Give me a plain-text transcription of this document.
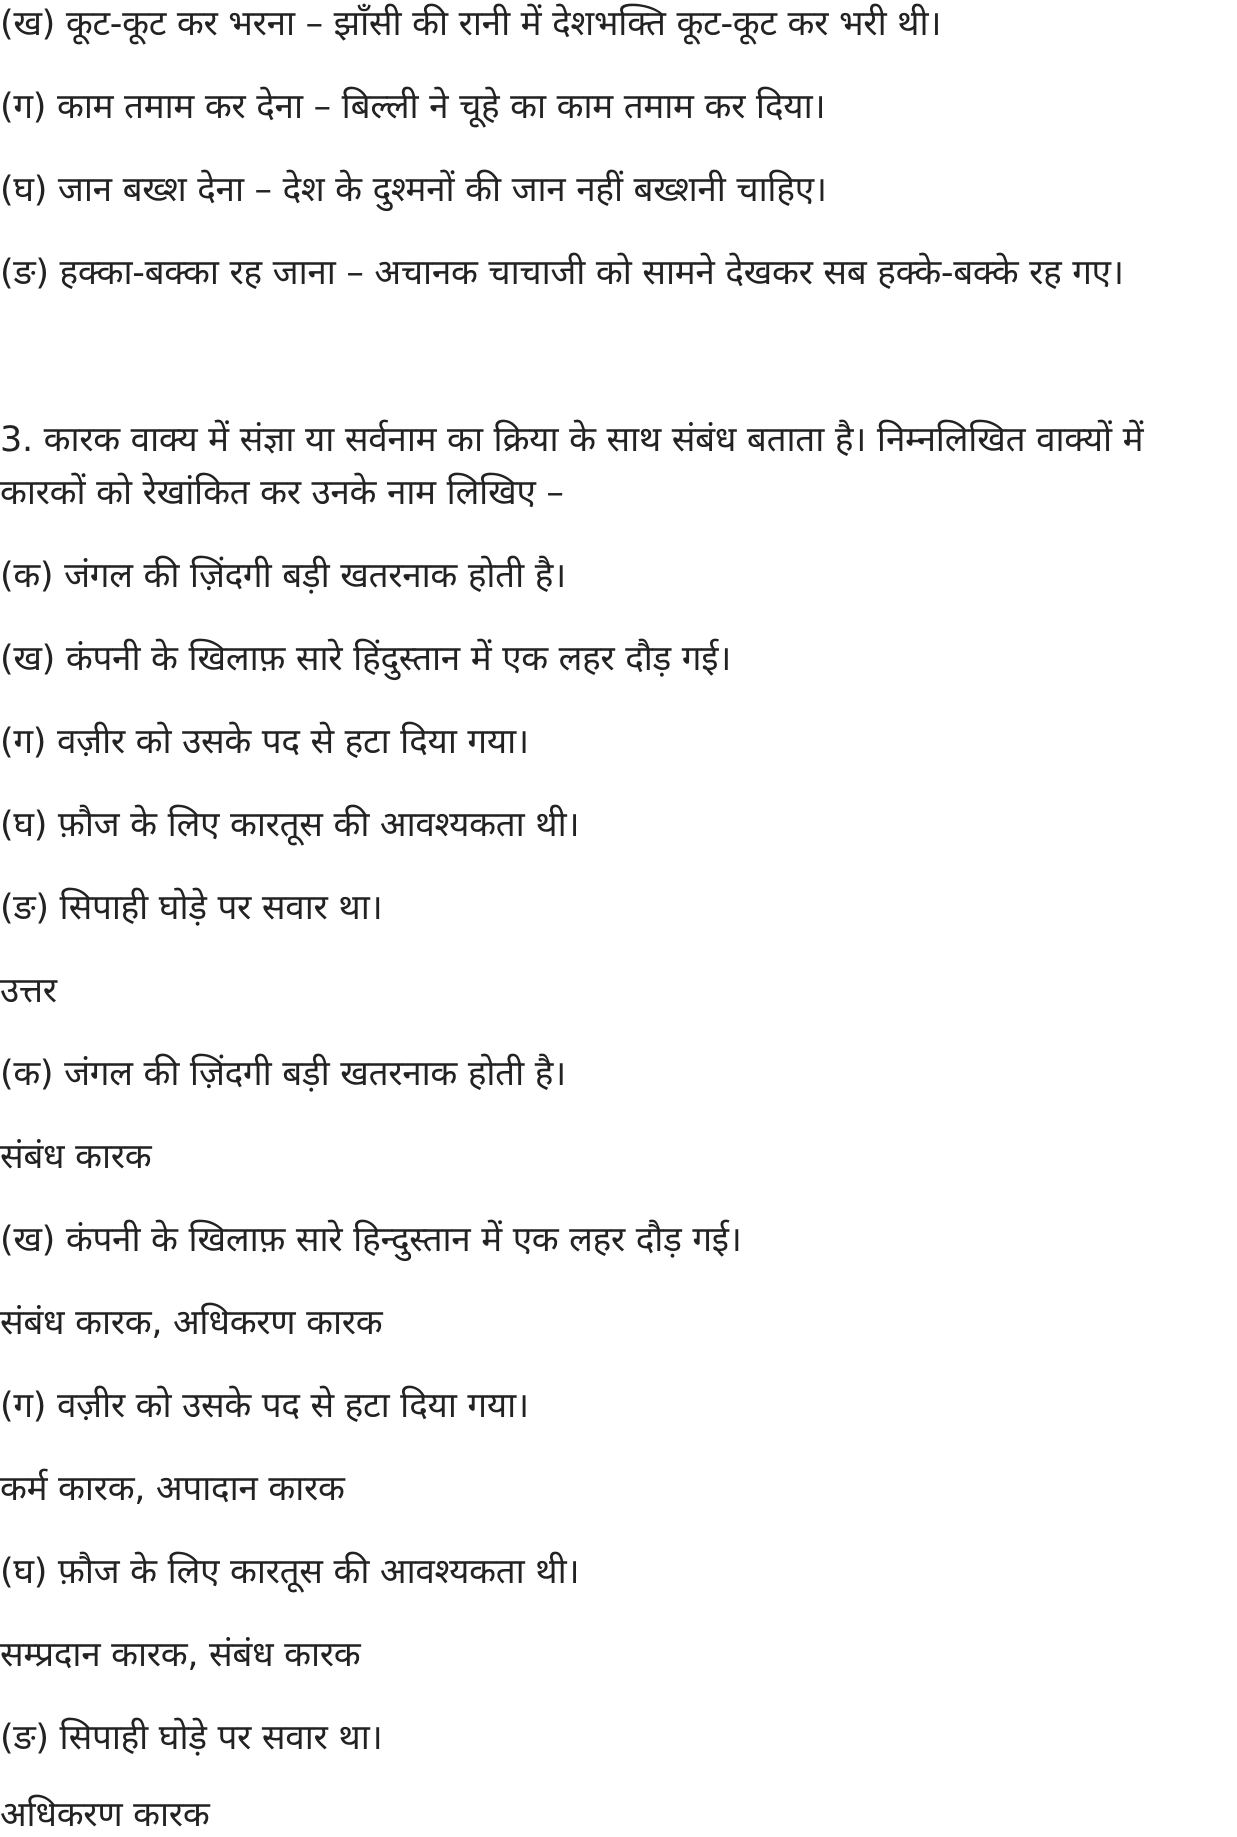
(ख) कूट-कूट कर भरना – झाँसी की रानी में देशभक्ति कूट-कूट कर भरी थी।
(ग) काम तमाम कर देना – बिल्ली ने चूहे का काम तमाम कर दिया।
(घ) जान बख्श देना – देश के दुश्मनों की जान नहीं बख्शनी चाहिए।
(ङ) हक्का-बक्का रह जाना – अचानक चाचाजी को सामने देखकर सब हक्के-बक्के रह गए।
3. कारक वाक्य में संज्ञा या सर्वनाम का क्रिया के साथ संबंध बताता है। निम्नलिखित वाक्यों में
कारकों को रेखांकित कर उनके नाम लिखिए –
(क) जंगल की ज़िंदगी बड़ी खतरनाक होती है।
(ख) कंपनी के खिलाफ़ सारे हिंदुस्तान में एक लहर दौड़ गई।
(ग) वज़ीर को उसके पद से हटा दिया गया।
(घ) फ़ौज के लिए कारतूस की आवश्यकता थी।
(ङ) सिपाही घोड़े पर सवार था।
उत्तर
(क) जंगल की ज़िंदगी बड़ी खतरनाक होती है।
संबंध कारक
(ख) कंपनी के खिलाफ़ सारे हिन्दुस्तान में एक लहर दौड़ गई।
संबंध कारक, अधिकरण कारक
(ग) वज़ीर को उसके पद से हटा दिया गया।
कर्म कारक, अपादान कारक
(घ) फ़ौज के लिए कारतूस की आवश्यकता थी।
सम्प्रदान कारक, संबंध कारक
(ङ) सिपाही घोड़े पर सवार था।
अधिकरण कारक
